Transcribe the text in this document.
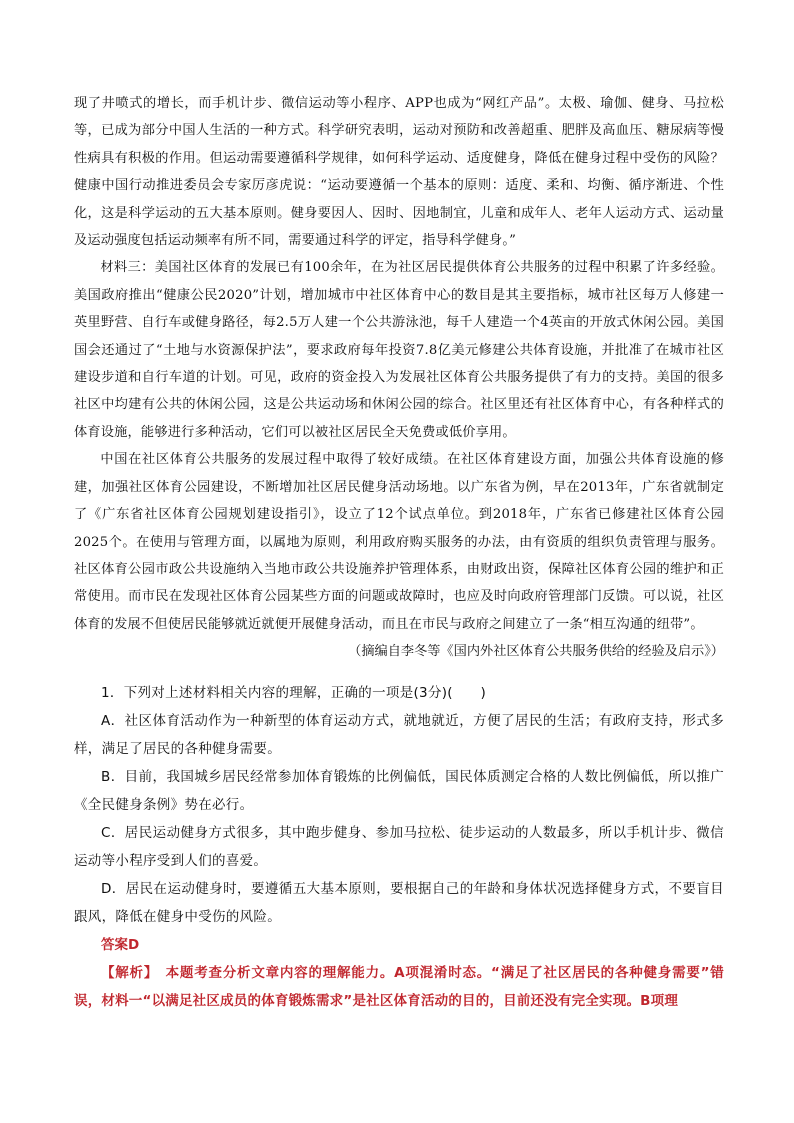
现了井喷式的增长，而手机计步、微信运动等小程序、APP也成为“网红产品”。太极、瑜伽、健身、马拉松等，已成为部分中国人生活的一种方式。科学研究表明，运动对预防和改善超重、肥胖及高血压、糖尿病等慢性病具有积极的作用。但运动需要遵循科学规律，如何科学运动、适度健身，降低在健身过程中受伤的风险？健康中国行动推进委员会专家厉彦虎说：“运动要遵循一个基本的原则：适度、柔和、均衡、循序渐进、个性化，这是科学运动的五大基本原则。健身要因人、因时、因地制宜，儿童和成年人、老年人运动方式、运动量及运动强度包括运动频率有所不同，需要通过科学的评定，指导科学健身。”

材料三：美国社区体育的发展已有100余年，在为社区居民提供体育公共服务的过程中积累了许多经验。美国政府推出“健康公民2020”计划，增加城市中社区体育中心的数目是其主要指标，城市社区每万人修建一英里野营、自行车或健身路径，每2.5万人建一个公共游泳池，每千人建造一个4英亩的开放式休闲公园。美国国会还通过了“土地与水资源保护法”，要求政府每年投资7.8亿美元修建公共体育设施，并批准了在城市社区建设步道和自行车道的计划。可见，政府的资金投入为发展社区体育公共服务提供了有力的支持。美国的很多社区中均建有公共的休闲公园，这是公共运动场和休闲公园的综合。社区里还有社区体育中心，有各种样式的体育设施，能够进行多种活动，它们可以被社区居民全天免费或低价享用。

中国在社区体育公共服务的发展过程中取得了较好成绩。在社区体育建设方面，加强公共体育设施的修建，加强社区体育公园建设，不断增加社区居民健身活动场地。以广东省为例，早在2013年，广东省就制定了《广东省社区体育公园规划建设指引》，设立了12个试点单位。到2018年，广东省已修建社区体育公园2025个。在使用与管理方面，以属地为原则，利用政府购买服务的办法，由有资质的组织负责管理与服务。社区体育公园市政公共设施纳入当地市政公共设施养护管理体系，由财政出资，保障社区体育公园的维护和正常使用。而市民在发现社区体育公园某些方面的问题或故障时，也应及时向政府管理部门反馈。可以说，社区体育的发展不但使居民能够就近就便开展健身活动，而且在市民与政府之间建立了一条“相互沟通的纽带”。

（摘编自李冬等《国内外社区体育公共服务供给的经验及启示》）

1．下列对上述材料相关内容的理解，正确的一项是(3分)(　　)

A．社区体育活动作为一种新型的体育运动方式，就地就近，方便了居民的生活；有政府支持，形式多样，满足了居民的各种健身需要。

B．目前，我国城乡居民经常参加体育锻炼的比例偏低，国民体质测定合格的人数比例偏低，所以推广《全民健身条例》势在必行。

C．居民运动健身方式很多，其中跑步健身、参加马拉松、徒步运动的人数最多，所以手机计步、微信运动等小程序受到人们的喜爱。

D．居民在运动健身时，要遵循五大基本原则，要根据自己的年龄和身体状况选择健身方式，不要盲目跟风，降低在健身中受伤的风险。

答案D

【解析】　本题考查分析文章内容的理解能力。A项混淆时态。“满足了社区居民的各种健身需要”错误，材料一“以满足社区成员的体育锻炼需求”是社区体育活动的目的，目前还没有完全实现。B项理
